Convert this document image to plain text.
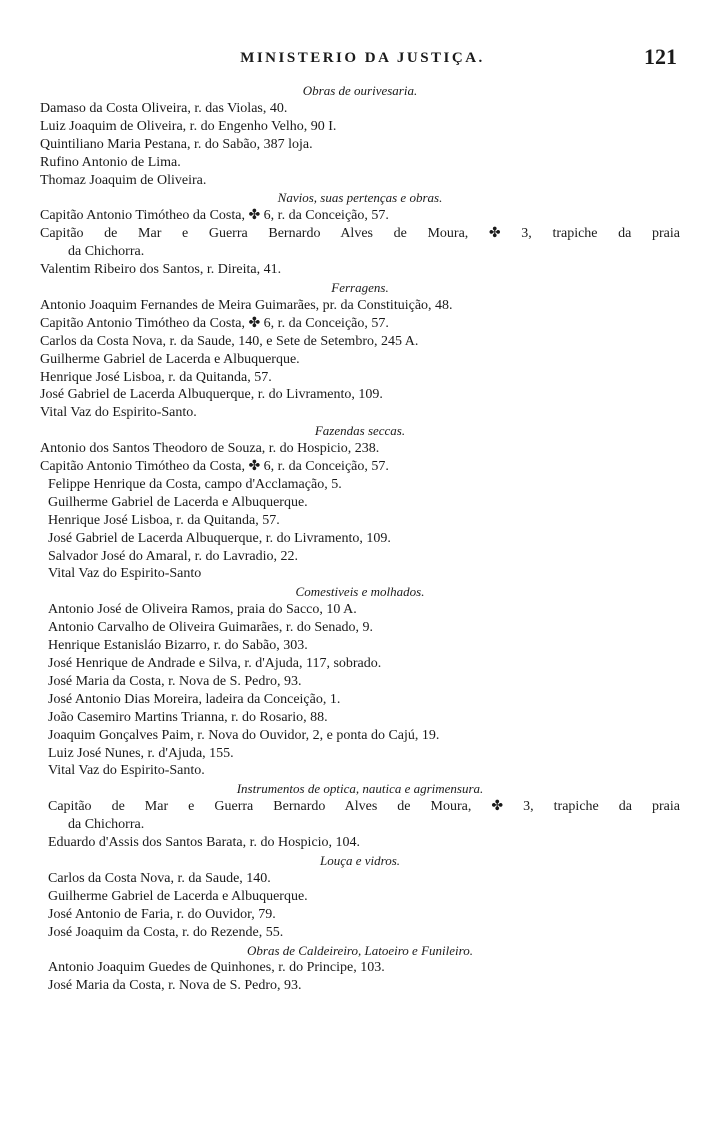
MINISTERIO DA JUSTIÇA.	121
Obras de ourivesaria.
Damaso da Costa Oliveira, r. das Violas, 40.
Luiz Joaquim de Oliveira, r. do Engenho Velho, 90 I.
Quintiliano Maria Pestana, r. do Sabão, 387 loja.
Rufino Antonio de Lima.
Thomaz Joaquim de Oliveira.
Navios, suas pertenças e obras.
Capitão Antonio Timótheo da Costa, ✤ 6, r. da Conceição, 57.
Capitão de Mar e Guerra Bernardo Alves de Moura, ✤ 3, trapiche da praia
da Chichorra.
Valentim Ribeiro dos Santos, r. Direita, 41.
Ferragens.
Antonio Joaquim Fernandes de Meira Guimarães, pr. da Constituição, 48.
Capitão Antonio Timótheo da Costa, ✤ 6, r. da Conceição, 57.
Carlos da Costa Nova, r. da Saude, 140, e Sete de Setembro, 245 A.
Guilherme Gabriel de Lacerda e Albuquerque.
Henrique José Lisboa, r. da Quitanda, 57.
José Gabriel de Lacerda Albuquerque, r. do Livramento, 109.
Vital Vaz do Espirito-Santo.
Fazendas seccas.
Antonio dos Santos Theodoro de Souza, r. do Hospicio, 238.
Capitão Antonio Timótheo da Costa, ✤ 6, r. da Conceição, 57.
Felippe Henrique da Costa, campo d'Acclamação, 5.
Guilherme Gabriel de Lacerda e Albuquerque.
Henrique José Lisboa, r. da Quitanda, 57.
José Gabriel de Lacerda Albuquerque, r. do Livramento, 109.
Salvador José do Amaral, r. do Lavradio, 22.
Vital Vaz do Espirito-Santo
Comestiveis e molhados.
Antonio José de Oliveira Ramos, praia do Sacco, 10 A.
Antonio Carvalho de Oliveira Guimarães, r. do Senado, 9.
Henrique Estanisláo Bizarro, r. do Sabão, 303.
José Henrique de Andrade e Silva, r. d'Ajuda, 117, sobrado.
José Maria da Costa, r. Nova de S. Pedro, 93.
José Antonio Dias Moreira, ladeira da Conceição, 1.
João Casemiro Martins Trianna, r. do Rosario, 88.
Joaquim Gonçalves Paim, r. Nova do Ouvidor, 2, e ponta do Cajú, 19.
Luiz José Nunes, r. d'Ajuda, 155.
Vital Vaz do Espirito-Santo.
Instrumentos de optica, nautica e agrimensura.
Capitão de Mar e Guerra Bernardo Alves de Moura, ✤ 3, trapiche da praia
da Chichorra.
Eduardo d'Assis dos Santos Barata, r. do Hospicio, 104.
Louça e vidros.
Carlos da Costa Nova, r. da Saude, 140.
Guilherme Gabriel de Lacerda e Albuquerque.
José Antonio de Faria, r. do Ouvidor, 79.
José Joaquim da Costa, r. do Rezende, 55.
Obras de Caldeireiro, Latoeiro e Funileiro.
Antonio Joaquim Guedes de Quinhones, r. do Principe, 103.
José Maria da Costa, r. Nova de S. Pedro, 93.
